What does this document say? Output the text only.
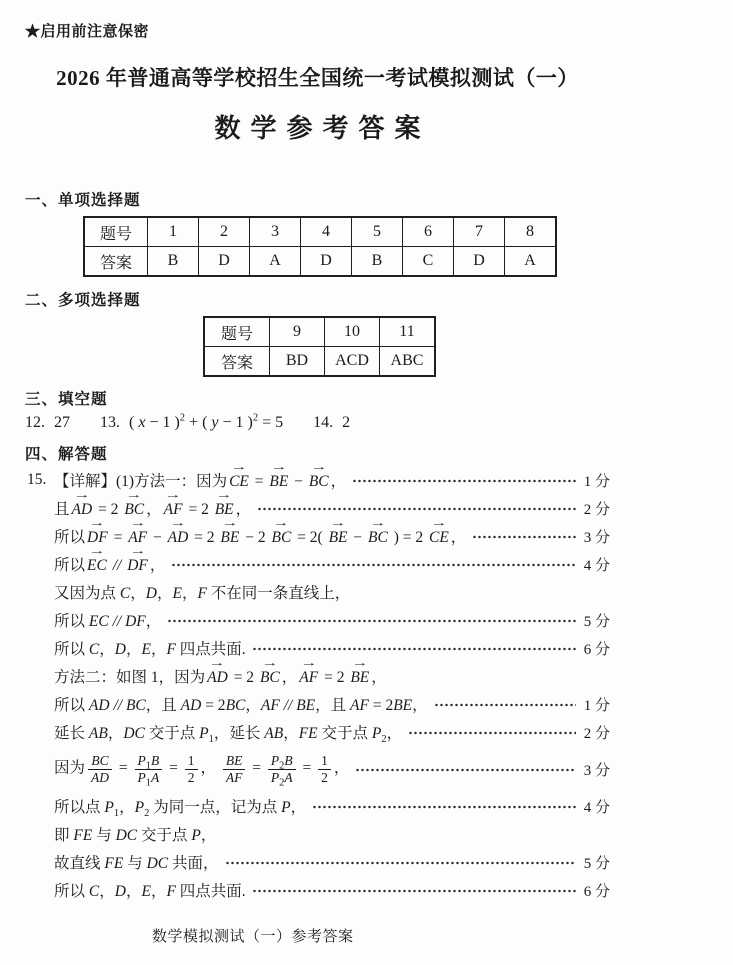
★启用前注意保密
2026 年普通高等学校招生全国统一考试模拟测试（一）
数学参考答案
一、单项选择题
题号	1	2	3	4	5	6	7	8
答案	B	D	A	D	B	C	D	A
二、多项选择题
题号	9	10	11
答案	BD	ACD	ABC
三、填空题
12. 27 13. ( x − 1 )$^2$ + ( y − 1 )$^2$ = 5 14. 2
四、解答题
15. 【详解】(1)方法一：因为 CE → = BE → − BC → ，	1 分
且 AD → = 2 BC → ， AF → = 2 BE → ，	2 分
所以 DF → = AF → − AD → = 2 BE → − 2 BC → = 2( BE → − BC → ) = 2 CE → ，	3 分
所以 EC → // DF → ，	4 分
又因为点 C，D，E，F 不在同一条直线上，
所以 EC // DF，	5 分
所以 C，D，E，F 四点共面.	6 分
方法二：如图 1，因为 AD → = 2 BC → ， AF → = 2 BE → ，
所以 AD // BC，且 AD = 2BC，AF // BE，且 AF = 2BE，	1 分
延长 AB，DC 交于点 $P_1$，延长 AB，FE 交于点 $P_2$，	2 分
因为 $\frac{BC}{AD} = \frac{P_1B}{P_1A} = \frac{1}{2}$ ， $\frac{BE}{AF} = \frac{P_2B}{P_2A} = \frac{1}{2}$ ，	3 分
所以点 $P_1$，$P_2$ 为同一点，记为点 P，	4 分
即 FE 与 DC 交于点 P，
故直线 FE 与 DC 共面，	5 分
所以 C，D，E，F 四点共面.	6 分
数学模拟测试（一）参考答案
